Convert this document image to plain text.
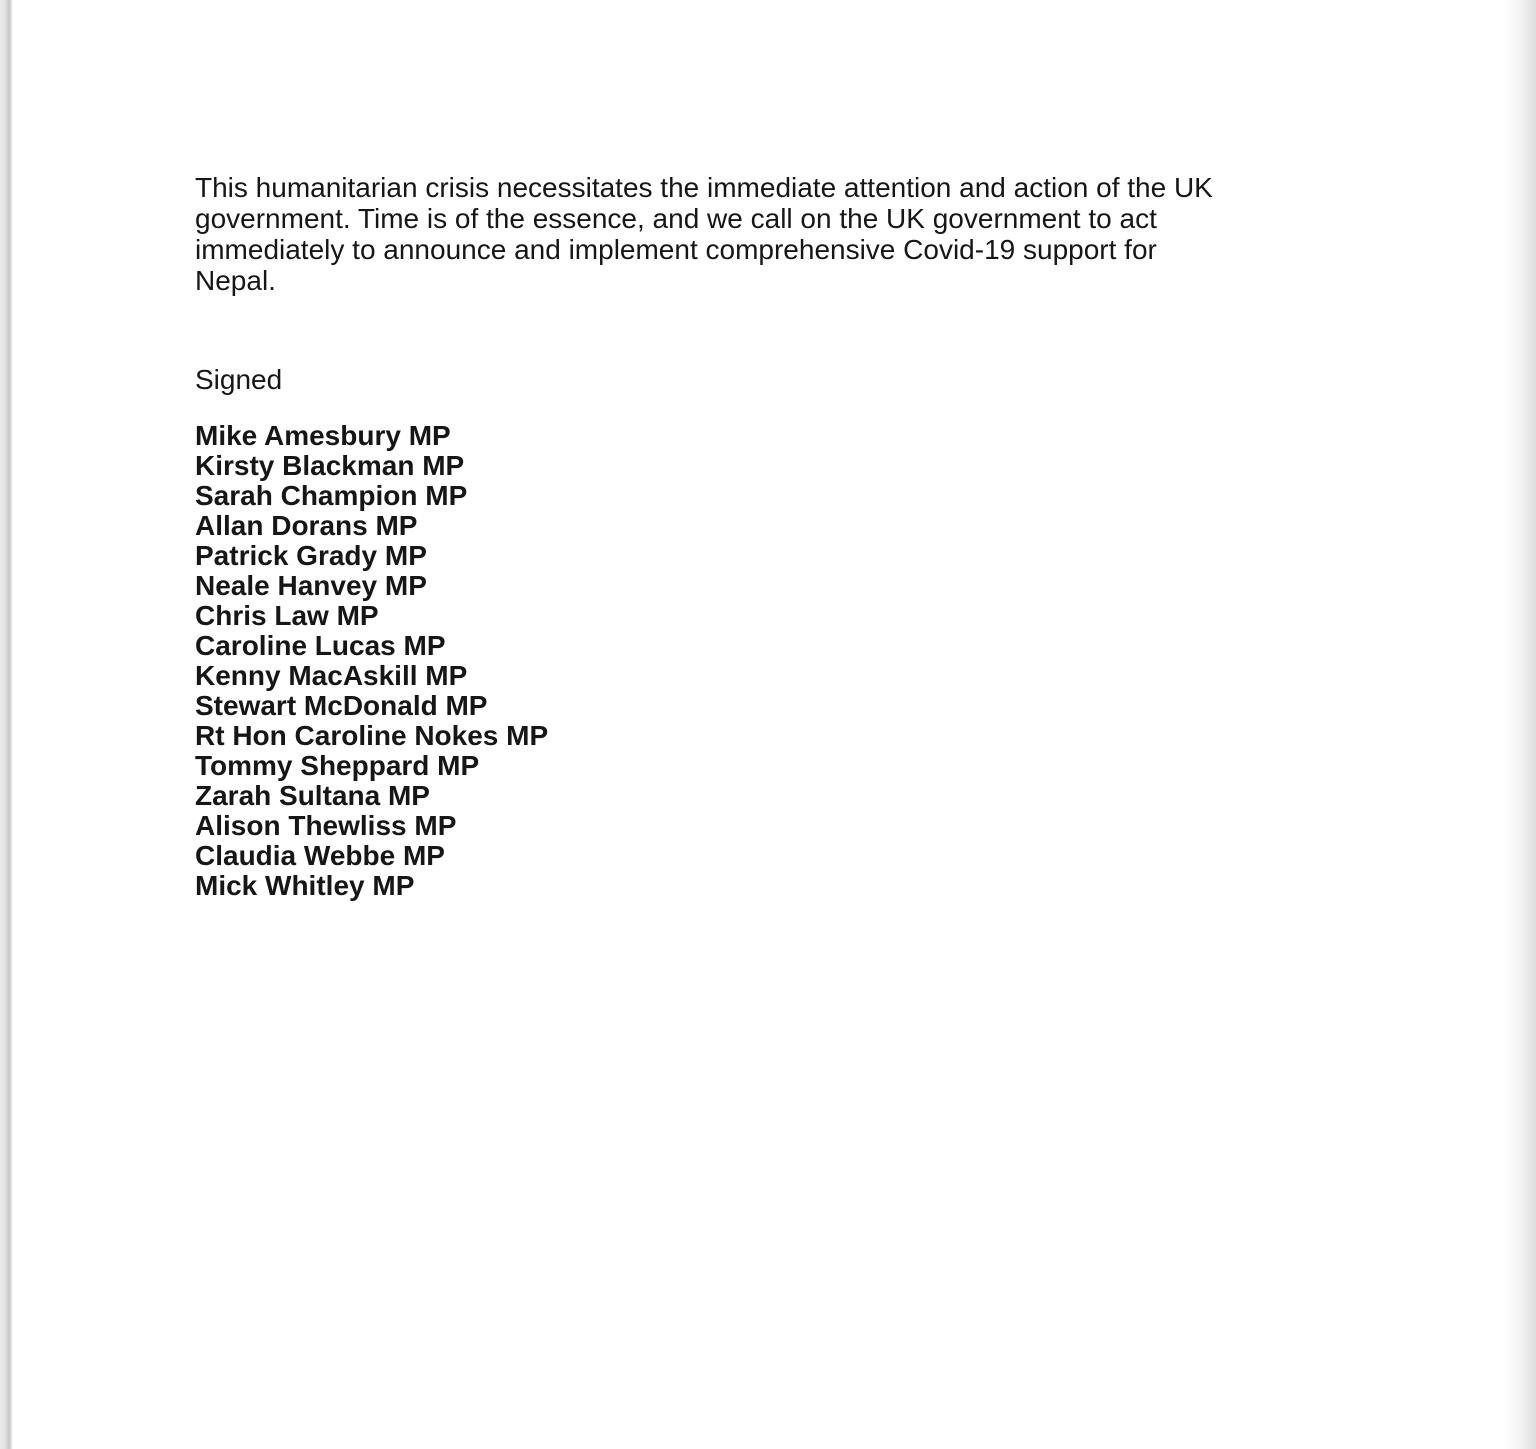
This humanitarian crisis necessitates the immediate attention and action of the UK
government. Time is of the essence, and we call on the UK government to act
immediately to announce and implement comprehensive Covid-19 support for
Nepal.

Signed

Mike Amesbury MP
Kirsty Blackman MP
Sarah Champion MP
Allan Dorans MP
Patrick Grady MP
Neale Hanvey MP
Chris Law MP
Caroline Lucas MP
Kenny MacAskill MP
Stewart McDonald MP
Rt Hon Caroline Nokes MP
Tommy Sheppard MP
Zarah Sultana MP
Alison Thewliss MP
Claudia Webbe MP
Mick Whitley MP
